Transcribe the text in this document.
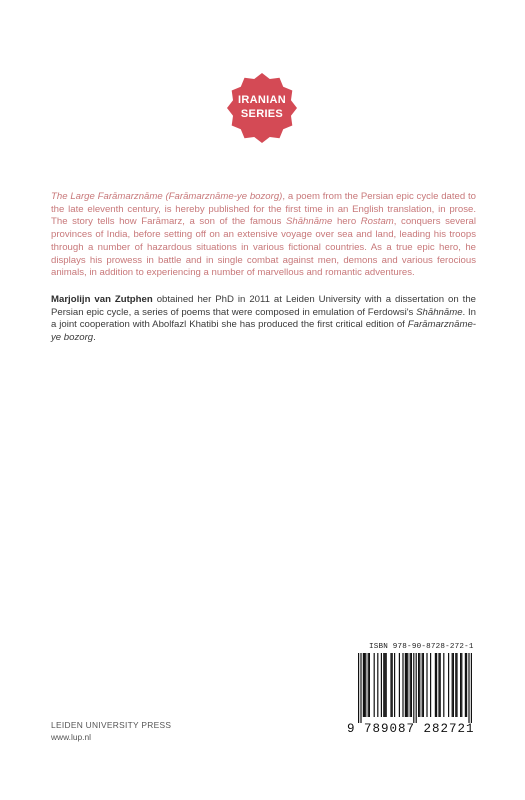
IRANIAN
SERIES

The Large Farāmarznāme (Farāmarznāme-ye bozorg), a poem from the Persian epic cycle dated to the late eleventh century, is hereby published for the first time in an English translation, in prose. The story tells how Farāmarz, a son of the famous Shāhnāme hero Rostam, conquers several provinces of India, before setting off on an extensive voyage over sea and land, leading his troops through a number of hazardous situations in various fictional countries. As a true epic hero, he displays his prowess in battle and in single combat against men, demons and various ferocious animals, in addition to experiencing a number of marvellous and romantic adventures.

Marjolijn van Zutphen obtained her PhD in 2011 at Leiden University with a dissertation on the Persian epic cycle, a series of poems that were composed in emulation of Ferdowsi's Shāhnāme. In a joint cooperation with Abolfazl Khatibi she has produced the first critical edition of Farāmarznāme-ye bozorg.

LEIDEN UNIVERSITY PRESS
www.lup.nl
ISBN 978-90-8728-272-1
9 789087 282721
